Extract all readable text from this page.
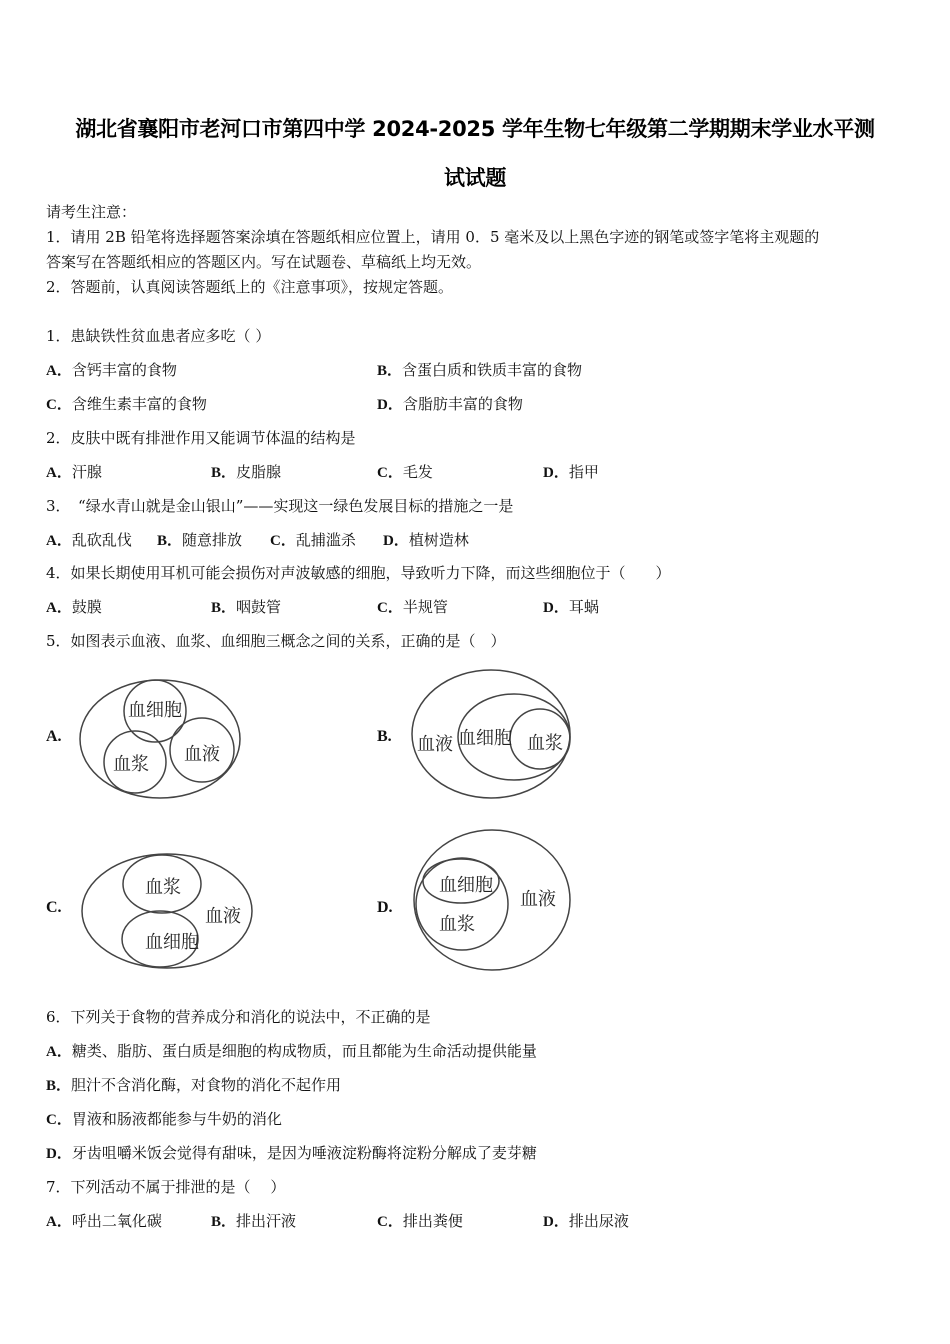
湖北省襄阳市老河口市第四中学 2024-2025 学年生物七年级第二学期期末学业水平测
试试题
请考生注意：
1．请用 2B 铅笔将选择题答案涂填在答题纸相应位置上，请用 0．5 毫米及以上黑色字迹的钢笔或签字笔将主观题的
答案写在答题纸相应的答题区内。写在试题卷、草稿纸上均无效。
2．答题前，认真阅读答题纸上的《注意事项》，按规定答题。
1．患缺铁性贫血患者应多吃（ ）
A．含钙丰富的食物	B．含蛋白质和铁质丰富的食物
C．含维生素丰富的食物	D．含脂肪丰富的食物
2．皮肤中既有排泄作用又能调节体温的结构是
A．汗腺	B．皮脂腺	C．毛发	D．指甲
3．　“绿水青山就是金山银山”——实现这一绿色发展目标的措施之一是
A．乱砍乱伐 B．随意排放 C．乱捕滥杀 D．植树造林
4．如果长期使用耳机可能会损伤对声波敏感的细胞，导致听力下降，而这些细胞位于（　　）
A．鼓膜	B．咽鼓管	C．半规管	D．耳蜗
5．如图表示血液、血浆、血细胞三概念之间的关系，正确的是（　）
A.	B.
C.	D.
血细胞
血浆 血液	血液 血细胞 血浆
血浆
血液
血细胞
血细胞
血液
血浆
6．下列关于食物的营养成分和消化的说法中，不正确的是
A．糖类、脂肪、蛋白质是细胞的构成物质，而且都能为生命活动提供能量
B．胆汁不含消化酶，对食物的消化不起作用
C．胃液和肠液都能参与牛奶的消化
D．牙齿咀嚼米饭会觉得有甜味，是因为唾液淀粉酶将淀粉分解成了麦芽糖
7．下列活动不属于排泄的是（　 ）
A．呼出二氧化碳	B．排出汗液	C．排出粪便	D．排出尿液
